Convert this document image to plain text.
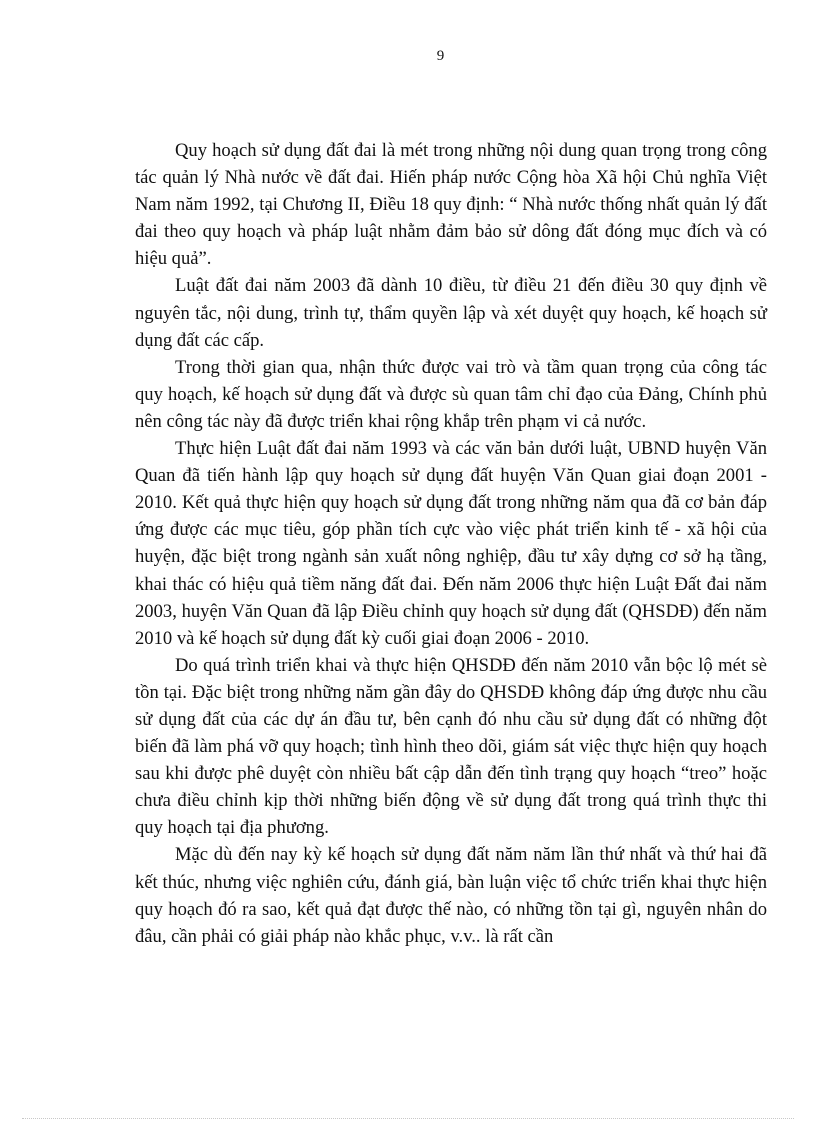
9

Quy hoạch sử dụng đất đai là mét trong những nội dung quan trọng trong công tác quản lý Nhà nước về đất đai. Hiến pháp nước Cộng hòa Xã hội Chủ nghĩa Việt Nam năm 1992, tại Chương II, Điều 18 quy định: “ Nhà nước thống nhất quản lý đất đai theo quy hoạch và pháp luật nhằm đảm bảo sử dông đất đóng mục đích và có hiệu quả”.

Luật đất đai năm 2003 đã dành 10 điều, từ điều 21 đến điều 30 quy định về nguyên tắc, nội dung, trình tự, thẩm quyền lập và xét duyệt quy hoạch, kế hoạch sử dụng đất các cấp.

Trong thời gian qua, nhận thức được vai trò và tầm quan trọng của công tác quy hoạch, kế hoạch sử dụng đất và được sù quan tâm chỉ đạo của Đảng, Chính phủ nên công tác này đã được triển khai rộng khắp trên phạm vi cả nước.

Thực hiện Luật đất đai năm 1993 và các văn bản dưới luật, UBND huyện Văn Quan đã tiến hành lập quy hoạch sử dụng đất huyện Văn Quan giai đoạn 2001 - 2010. Kết quả thực hiện quy hoạch sử dụng đất trong những năm qua đã cơ bản đáp ứng được các mục tiêu, góp phần tích cực vào việc phát triển kinh tế - xã hội của huyện, đặc biệt trong ngành sản xuất nông nghiệp, đầu tư xây dựng cơ sở hạ tầng, khai thác có hiệu quả tiềm năng đất đai. Đến năm 2006 thực hiện Luật Đất đai năm 2003, huyện Văn Quan đã lập Điều chỉnh quy hoạch sử dụng đất (QHSDĐ) đến năm 2010 và kế hoạch sử dụng đất kỳ cuối giai đoạn 2006 - 2010.

Do quá trình triển khai và thực hiện QHSDĐ đến năm 2010 vẫn bộc lộ mét sè tồn tại. Đặc biệt trong những năm gần đây do QHSDĐ không đáp ứng được nhu cầu sử dụng đất của các dự án đầu tư, bên cạnh đó nhu cầu sử dụng đất có những đột biến đã làm phá vỡ quy hoạch; tình hình theo dõi, giám sát việc thực hiện quy hoạch sau khi được phê duyệt còn nhiều bất cập dẫn đến tình trạng quy hoạch “treo” hoặc chưa điều chỉnh kịp thời những biến động về sử dụng đất trong quá trình thực thi quy hoạch tại địa phương.

Mặc dù đến nay kỳ kế hoạch sử dụng đất năm năm lần thứ nhất và thứ hai đã kết thúc, nhưng việc nghiên cứu, đánh giá, bàn luận việc tổ chức triển khai thực hiện quy hoạch đó ra sao, kết quả đạt được thế nào, có những tồn tại gì, nguyên nhân do đâu, cần phải có giải pháp nào khắc phục, v.v.. là rất cần
